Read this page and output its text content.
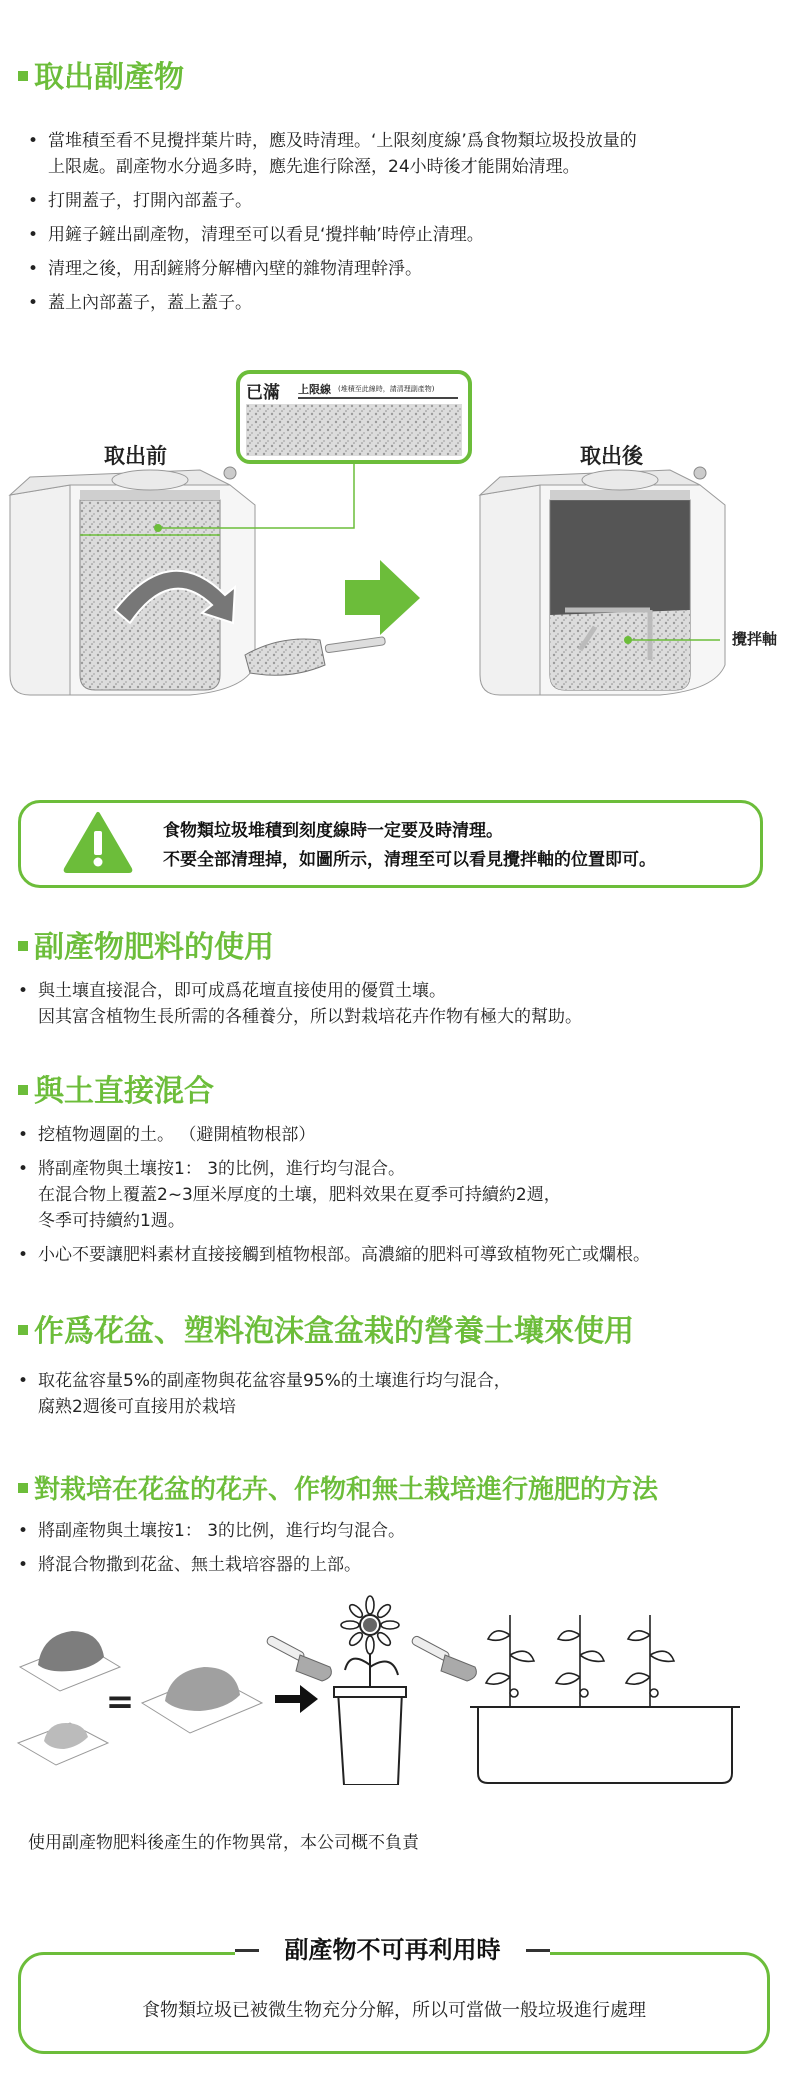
取出副產物
• 當堆積至看不見攪拌葉片時，應及時清理。‘上限刻度線’爲食物類垃圾投放量的
上限處。副產物水分過多時，應先進行除溼，24小時後才能開始清理。
• 打開蓋子，打開內部蓋子。
• 用鏟子鏟出副產物，清理至可以看見‘攪拌軸’時停止清理。
• 清理之後，用刮鏟將分解槽內壁的雜物清理幹淨。
• 蓋上內部蓋子，蓋上蓋子。
已滿 上限線 (堆積至此線時，請清理副產物)
取出前	取出後
攪拌軸
食物類垃圾堆積到刻度線時一定要及時清理。
不要全部清理掉，如圖所示，清理至可以看見攪拌軸的位置即可。
副產物肥料的使用
• 與土壤直接混合，即可成爲花壇直接使用的優質土壤。
因其富含植物生長所需的各種養分，所以對栽培花卉作物有極大的幫助。
與土直接混合
• 挖植物週圍的土。 （避開植物根部）
• 將副產物與土壤按1： 3的比例，進行均勻混合。
在混合物上覆蓋2~3厘米厚度的土壤，肥料效果在夏季可持續約2週，
冬季可持續約1週。
• 小心不要讓肥料素材直接接觸到植物根部。高濃縮的肥料可導致植物死亡或爛根。
作爲花盆、塑料泡沫盒盆栽的營養土壤來使用
• 取花盆容量5%的副產物與花盆容量95%的土壤進行均勻混合，
腐熟2週後可直接用於栽培
對栽培在花盆的花卉、作物和無土栽培進行施肥的方法
• 將副產物與土壤按1： 3的比例，進行均勻混合。
• 將混合物撒到花盆、無土栽培容器的上部。
=
使用副產物肥料後產生的作物異常，本公司概不負責
副產物不可再利用時
食物類垃圾已被微生物充分分解，所以可當做一般垃圾進行處理
